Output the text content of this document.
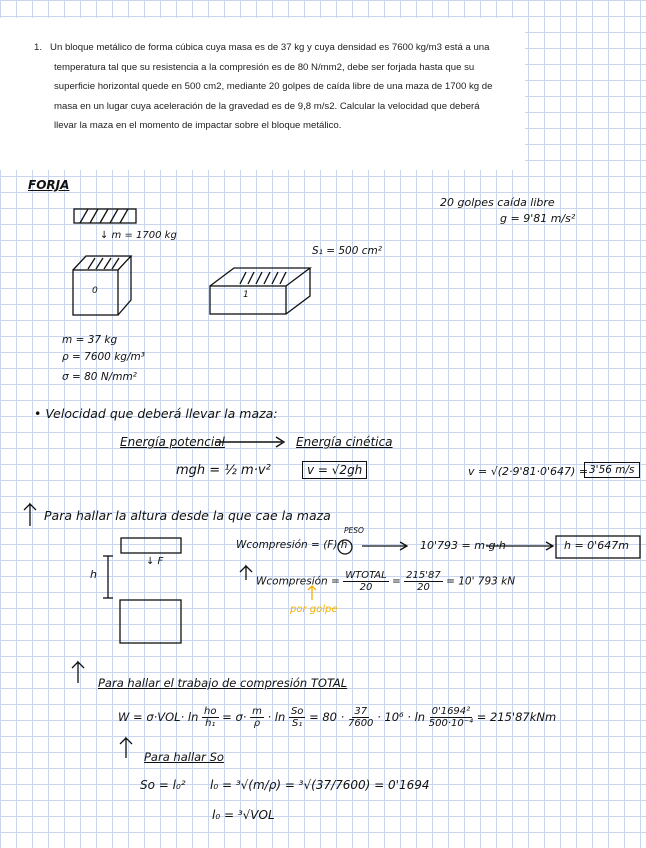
1. Un bloque metálico de forma cúbica cuya masa es de 37 kg y cuya densidad es 7600 kg/m3 está a una temperatura tal que su resistencia a la compresión es de 80 N/mm2, debe ser forjada hasta que su superficie horizontal quede en 500 cm2, mediante 20 golpes de caída libre de una maza de 1700 kg de masa en un lugar cuya aceleración de la gravedad es de 9,8 m/s2. Calcular la velocidad que deberá llevar la maza en el momento de impactar sobre el bloque metálico.

FORJA
20 golpes caída libre
g = 9'81 m/s²
↓ m = 1700 kg
S₁ = 500 cm²
0	1
m = 37 kg
ρ = 7600 kg/m³
σ = 80 N/mm²
• Velocidad que deberá llevar la maza:
Energía potencial	Energía cinética
mgh = ½ m·v²	v = √2gh	v = √(2·9'81·0'647) = 3'56 m/s
Para hallar la altura desde la que cae la maza
h
↓ F
Wcompresión = (F)·h
PESO
10'793 = m·g·h	h = 0'647m
Wcompresión = $\frac{\text{WTOTAL}}{20} = \frac{215'87}{20} = 10'$ 793 kN
por golpe
Para hallar el trabajo de compresión TOTAL
$W = \sigma\cdot VOL\cdot \ln \frac{ho}{\text{h₁}} = \sigma\cdot \frac{m}{\rho} \cdot \ln \frac{So}{\text{S₁}} = 80 \cdot \frac{37}{7600} \cdot 10^6 \cdot \ln \frac{\text{0'1694²}}{\text{500·10⁻⁴}} = 215'87kNm$
Para hallar So
So = l₀² l₀ = ³√(m/ρ) = ³√(37/7600) = 0'1694
l₀ = ³√VOL
